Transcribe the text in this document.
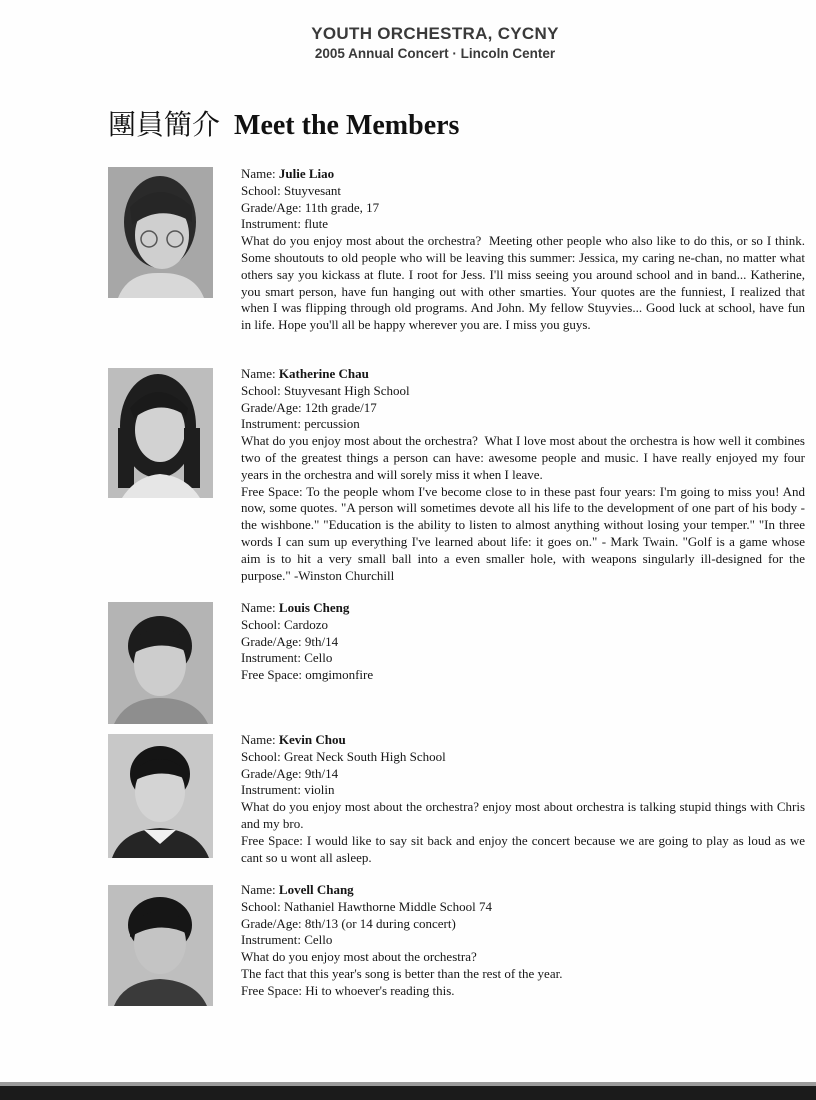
YOUTH ORCHESTRA, CYCNY
2005 Annual Concert · Lincoln Center
團員簡介 Meet the Members
Name: Julie Liao
School: Stuyvesant
Grade/Age: 11th grade, 17
Instrument: flute
What do you enjoy most about the orchestra? Meeting other people who also like to do this, or so I think. Some shoutouts to old people who will be leaving this summer: Jessica, my caring ne-chan, no matter what others say you kickass at flute. I root for Jess. I'll miss seeing you around school and in band... Katherine, you smart person, have fun hanging out with other smarties. Your quotes are the funniest, I realized that when I was flipping through old programs. And John. My fellow Stuyvies... Good luck at school, have fun in life. Hope you'll all be happy wherever you are. I miss you guys.
Name: Katherine Chau
School: Stuyvesant High School
Grade/Age: 12th grade/17
Instrument: percussion
What do you enjoy most about the orchestra? What I love most about the orchestra is how well it combines two of the greatest things a person can have: awesome people and music. I have really enjoyed my four years in the orchestra and will sorely miss it when I leave.
Free Space: To the people whom I've become close to in these past four years: I'm going to miss you! And now, some quotes. "A person will sometimes devote all his life to the development of one part of his body - the wishbone." "Education is the ability to listen to almost anything without losing your temper." "In three words I can sum up everything I've learned about life: it goes on." - Mark Twain. "Golf is a game whose aim is to hit a very small ball into a even smaller hole, with weapons singularly ill-designed for the purpose." -Winston Churchill
Name: Louis Cheng
School: Cardozo
Grade/Age: 9th/14
Instrument: Cello
Free Space: omgimonfire
Name: Kevin Chou
School: Great Neck South High School
Grade/Age: 9th/14
Instrument: violin
What do you enjoy most about the orchestra? enjoy most about orchestra is talking stupid things with Chris and my bro.
Free Space: I would like to say sit back and enjoy the concert because we are going to play as loud as we cant so u wont all asleep.
Name: Lovell Chang
School: Nathaniel Hawthorne Middle School 74
Grade/Age: 8th/13 (or 14 during concert)
Instrument: Cello
What do you enjoy most about the orchestra?
The fact that this year's song is better than the rest of the year.
Free Space: Hi to whoever's reading this.
